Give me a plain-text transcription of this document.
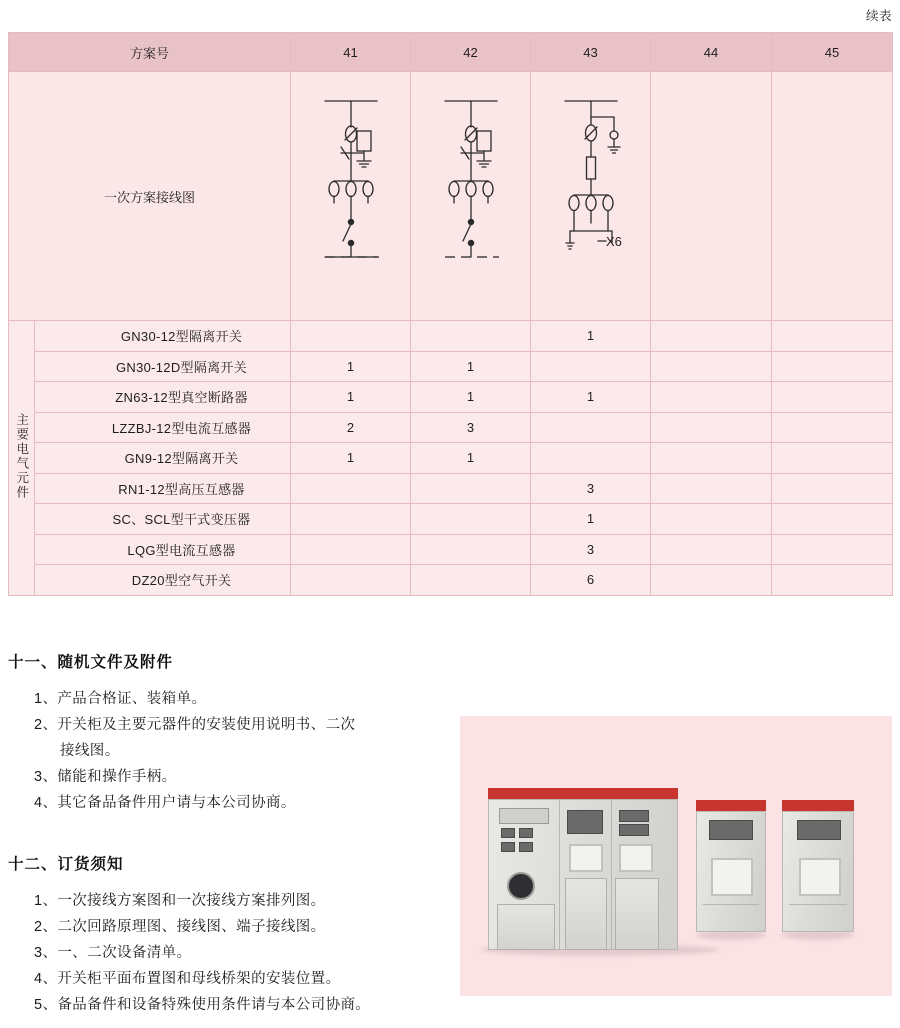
续表
方案号		41	42	43	44	45
一次方案接线图				X6		

主要电气元件	GN30-12型隔离开关			1		
	GN30-12D型隔离开关	1	1			
	ZN63-12型真空断路器	1	1	1		
	LZZBJ-12型电流互感器	2	3			
	GN9-12型隔离开关	1	1			
	RN1-12型高压互感器			3		
	SC、SCL型干式变压器			1		
	LQG型电流互感器			3		
	DZ20型空气开关			6		
十一、随机文件及附件
1、产品合格证、装箱单。
2、开关柜及主要元器件的安装使用说明书、二次
接线图。
3、储能和操作手柄。
4、其它备品备件用户请与本公司协商。
十二、订货须知
1、一次接线方案图和一次接线方案排列图。
2、二次回路原理图、接线图、端子接线图。
3、一、二次设备清单。
4、开关柜平面布置图和母线桥架的安装位置。
5、备品备件和设备特殊使用条件请与本公司协商。
